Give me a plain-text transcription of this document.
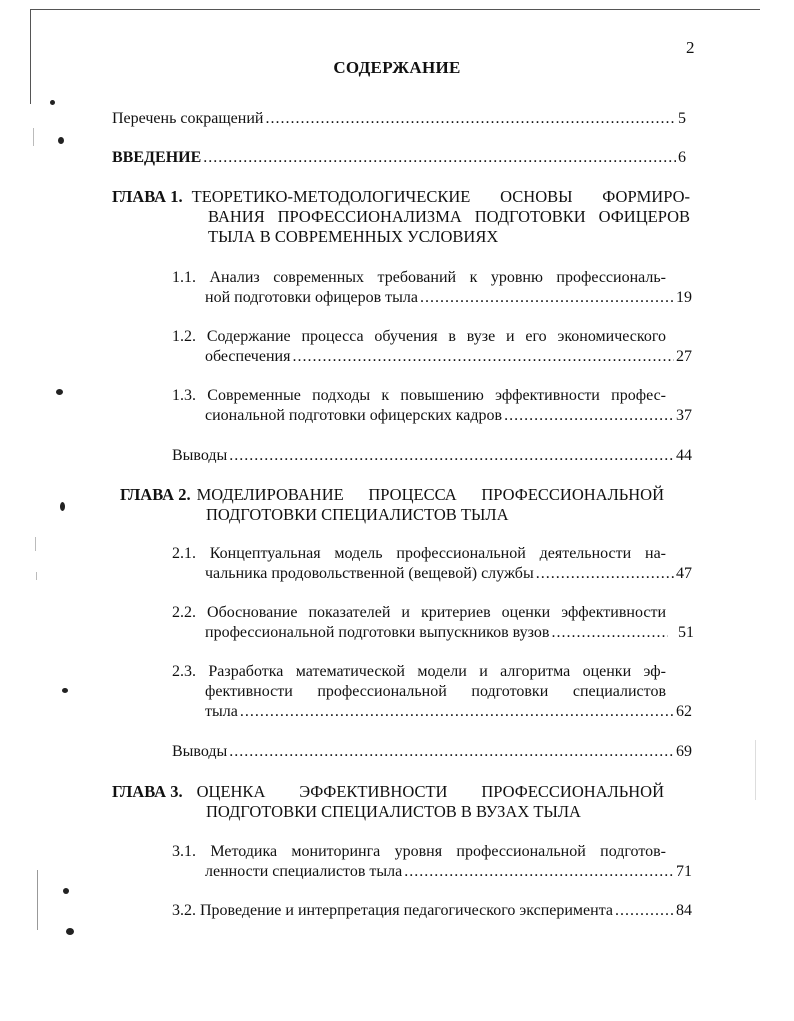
2
СОДЕРЖАНИЕ
Перечень сокращений .....	5
ВВЕДЕНИЕ .....	6
ГЛАВА 1. ТЕОРЕТИКО-МЕТОДОЛОГИЧЕСКИЕ ОСНОВЫ ФОРМИРО-
ВАНИЯ ПРОФЕССИОНАЛИЗМА ПОДГОТОВКИ ОФИЦЕРОВ
ТЫЛА В СОВРЕМЕННЫХ УСЛОВИЯХ
1.1. Анализ современных требований к уровню профессиональ-
ной подготовки офицеров тыла .....	19
1.2. Содержание процесса обучения в вузе и его экономического
обеспечения .....	27
1.3. Современные подходы к повышению эффективности профес-
сиональной подготовки офицерских кадров .....	37
Выводы .....	44
ГЛАВА 2. МОДЕЛИРОВАНИЕ ПРОЦЕССА ПРОФЕССИОНАЛЬНОЙ
ПОДГОТОВКИ СПЕЦИАЛИСТОВ ТЫЛА
2.1. Концептуальная модель профессиональной деятельности на-
чальника продовольственной (вещевой) службы .....	47
2.2. Обоснование показателей и критериев оценки эффективности
профессиональной подготовки выпускников вузов .....	51
2.3. Разработка математической модели и алгоритма оценки эф-
фективности профессиональной подготовки специалистов
тыла .....	62
Выводы .....	69
ГЛАВА 3. ОЦЕНКА ЭФФЕКТИВНОСТИ ПРОФЕССИОНАЛЬНОЙ
ПОДГОТОВКИ СПЕЦИАЛИСТОВ В ВУЗАХ ТЫЛА
3.1. Методика мониторинга уровня профессиональной подготов-
ленности специалистов тыла .....	71
3.2. Проведение и интерпретация педагогического эксперимента .....	84
